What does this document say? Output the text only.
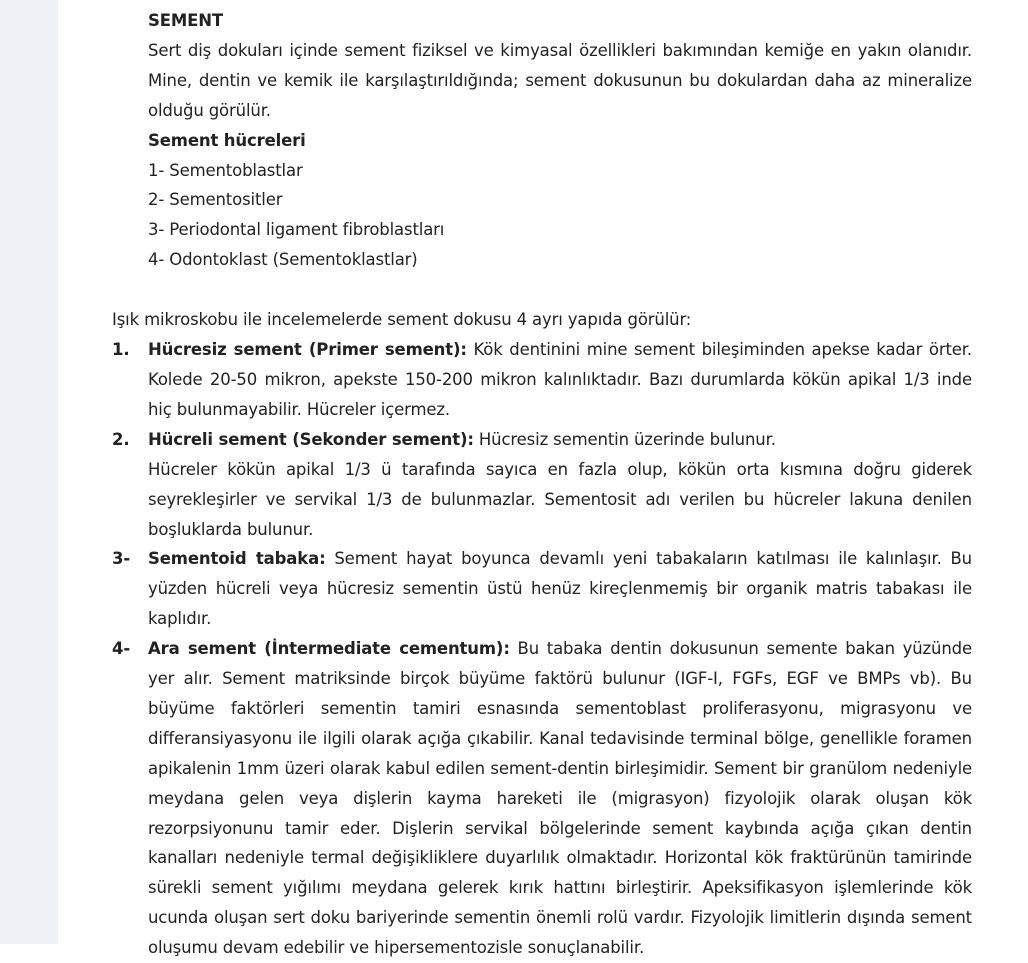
SEMENT
Sert diş dokuları içinde sement fiziksel ve kimyasal özellikleri bakımından kemiğe en yakın olanıdır. Mine, dentin ve kemik ile karşılaştırıldığında; sement dokusunun bu dokulardan daha az mineralize olduğu görülür.
Sement hücreleri
1- Sementoblastlar
2- Sementositler
3- Periodontal ligament fibroblastları
4- Odontoklast (Sementoklastlar)
Işık mikroskobu ile incelemelerde sement dokusu 4 ayrı yapıda görülür:
1. Hücresiz sement (Primer sement): Kök dentinini mine sement bileşiminden apekse kadar örter. Kolede 20-50 mikron, apekste 150-200 mikron kalınlıktadır. Bazı durumlarda kökün apikal 1/3 inde hiç bulunmayabilir. Hücreler içermez.
2. Hücreli sement (Sekonder sement): Hücresiz sementin üzerinde bulunur.
Hücreler kökün apikal 1/3 ü tarafında sayıca en fazla olup, kökün orta kısmına doğru giderek seyrekleşirler ve servikal 1/3 de bulunmazlar. Sementosit adı verilen bu hücreler lakuna denilen boşluklarda bulunur.
3- Sementoid tabaka: Sement hayat boyunca devamlı yeni tabakaların katılması ile kalınlaşır. Bu yüzden hücreli veya hücresiz sementin üstü henüz kireçlenmemiş bir organik matris tabakası ile kaplıdır.
4- Ara sement (İntermediate cementum): Bu tabaka dentin dokusunun semente bakan yüzünde yer alır. Sement matriksinde birçok büyüme faktörü bulunur (IGF-I, FGFs, EGF ve BMPs vb). Bu büyüme faktörleri sementin tamiri esnasında sementoblast proliferasyonu, migrasyonu ve differansiyasyonu ile ilgili olarak açığa çıkabilir. Kanal tedavisinde terminal bölge, genellikle foramen apikalenin 1mm üzeri olarak kabul edilen sement-dentin birleşimidir. Sement bir granülom nedeniyle meydana gelen veya dişlerin kayma hareketi ile (migrasyon) fizyolojik olarak oluşan kök rezorpsiyonunu tamir eder. Dişlerin servikal bölgelerinde sement kaybında açığa çıkan dentin kanalları nedeniyle termal değişikliklere duyarlılık olmaktadır. Horizontal kök fraktürünün tamirinde sürekli sement yığılımı meydana gelerek kırık hattını birleştirir. Apeksifikasyon işlemlerinde kök ucunda oluşan sert doku bariyerinde sementin önemli rolü vardır. Fizyolojik limitlerin dışında sement oluşumu devam edebilir ve hipersementozisle sonuçlanabilir.
